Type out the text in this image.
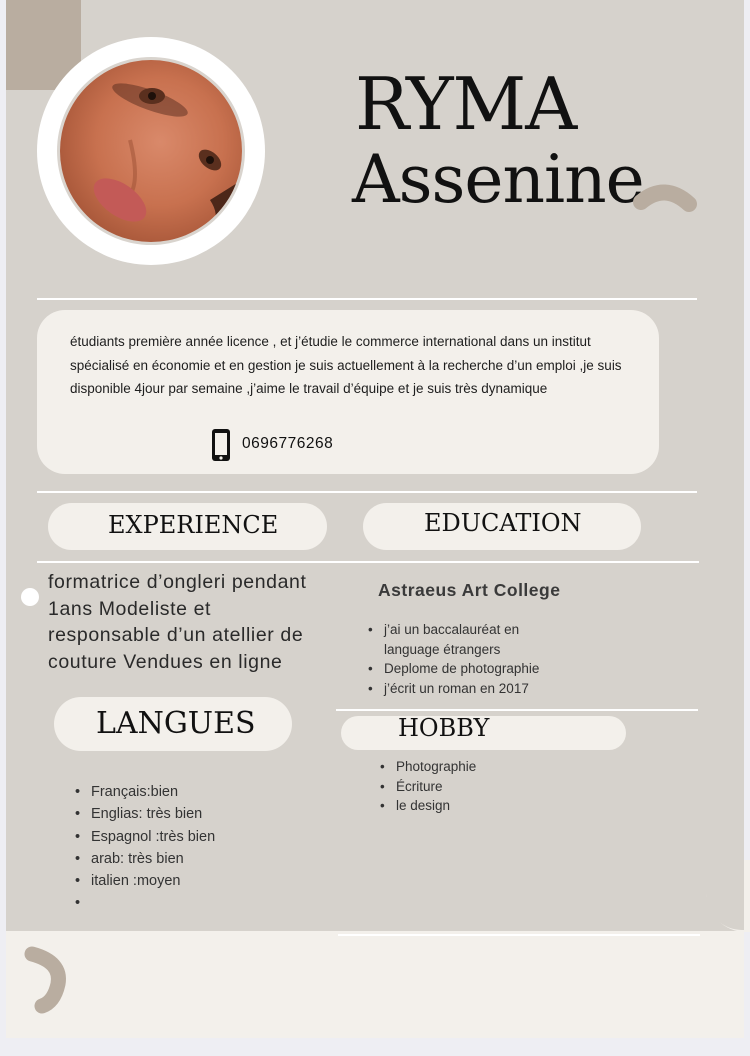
RYMA
Assenine
étudiants première année licence , et j’étudie le commerce international dans un institut spécialisé en économie et en gestion je suis actuellement à la recherche d’un emploi ,je suis disponible 4jour par semaine ,j’aime le travail d’équipe et je suis très dynamique
0696776268
EXPERIENCE	EDUCATION
formatrice d’ongleri pendant 1ans Modeliste et responsable d’un atellier de couture Vendues en ligne
Astraeus Art College
• j’ai un baccalauréat en language étrangers
• Deplome de photographie
• j’écrit un roman en 2017
LANGUES	HOBBY
• Photographie
• Écriture
• le design
• Français:bien
• Englias: très bien
• Espagnol :très bien
• arab: très bien
• italien :moyen
•
